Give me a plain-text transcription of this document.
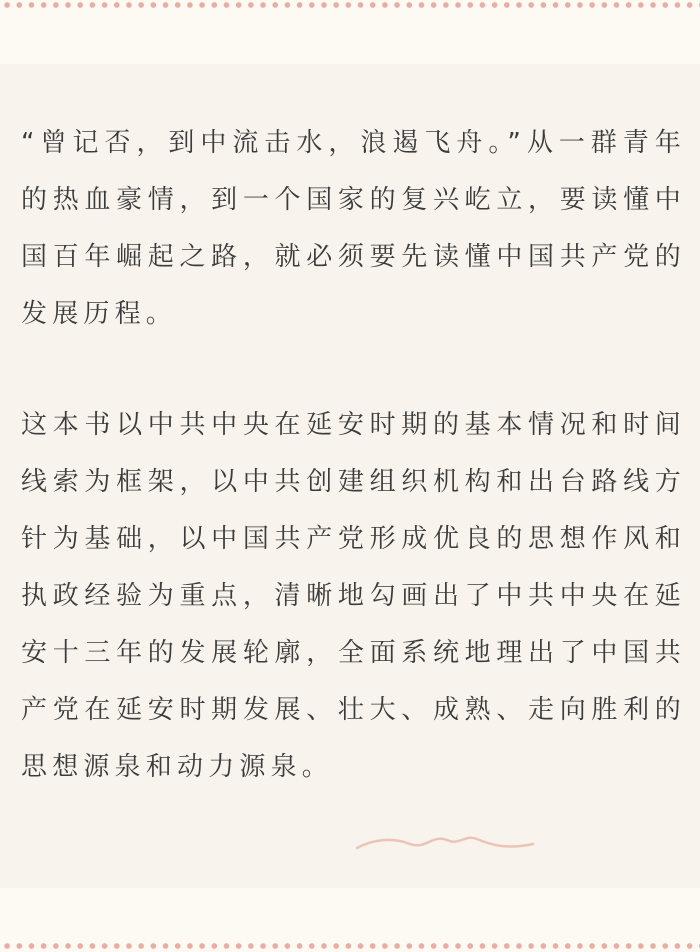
“曾记否，到中流击水，浪遏飞舟。”从一群青年的热血豪情，到一个国家的复兴屹立，要读懂中国百年崛起之路，就必须要先读懂中国共产党的发展历程。

这本书以中共中央在延安时期的基本情况和时间线索为框架，以中共创建组织机构和出台路线方针为基础，以中国共产党形成优良的思想作风和执政经验为重点，清晰地勾画出了中共中央在延安十三年的发展轮廓，全面系统地理出了中国共产党在延安时期发展、壮大、成熟、走向胜利的思想源泉和动力源泉。
